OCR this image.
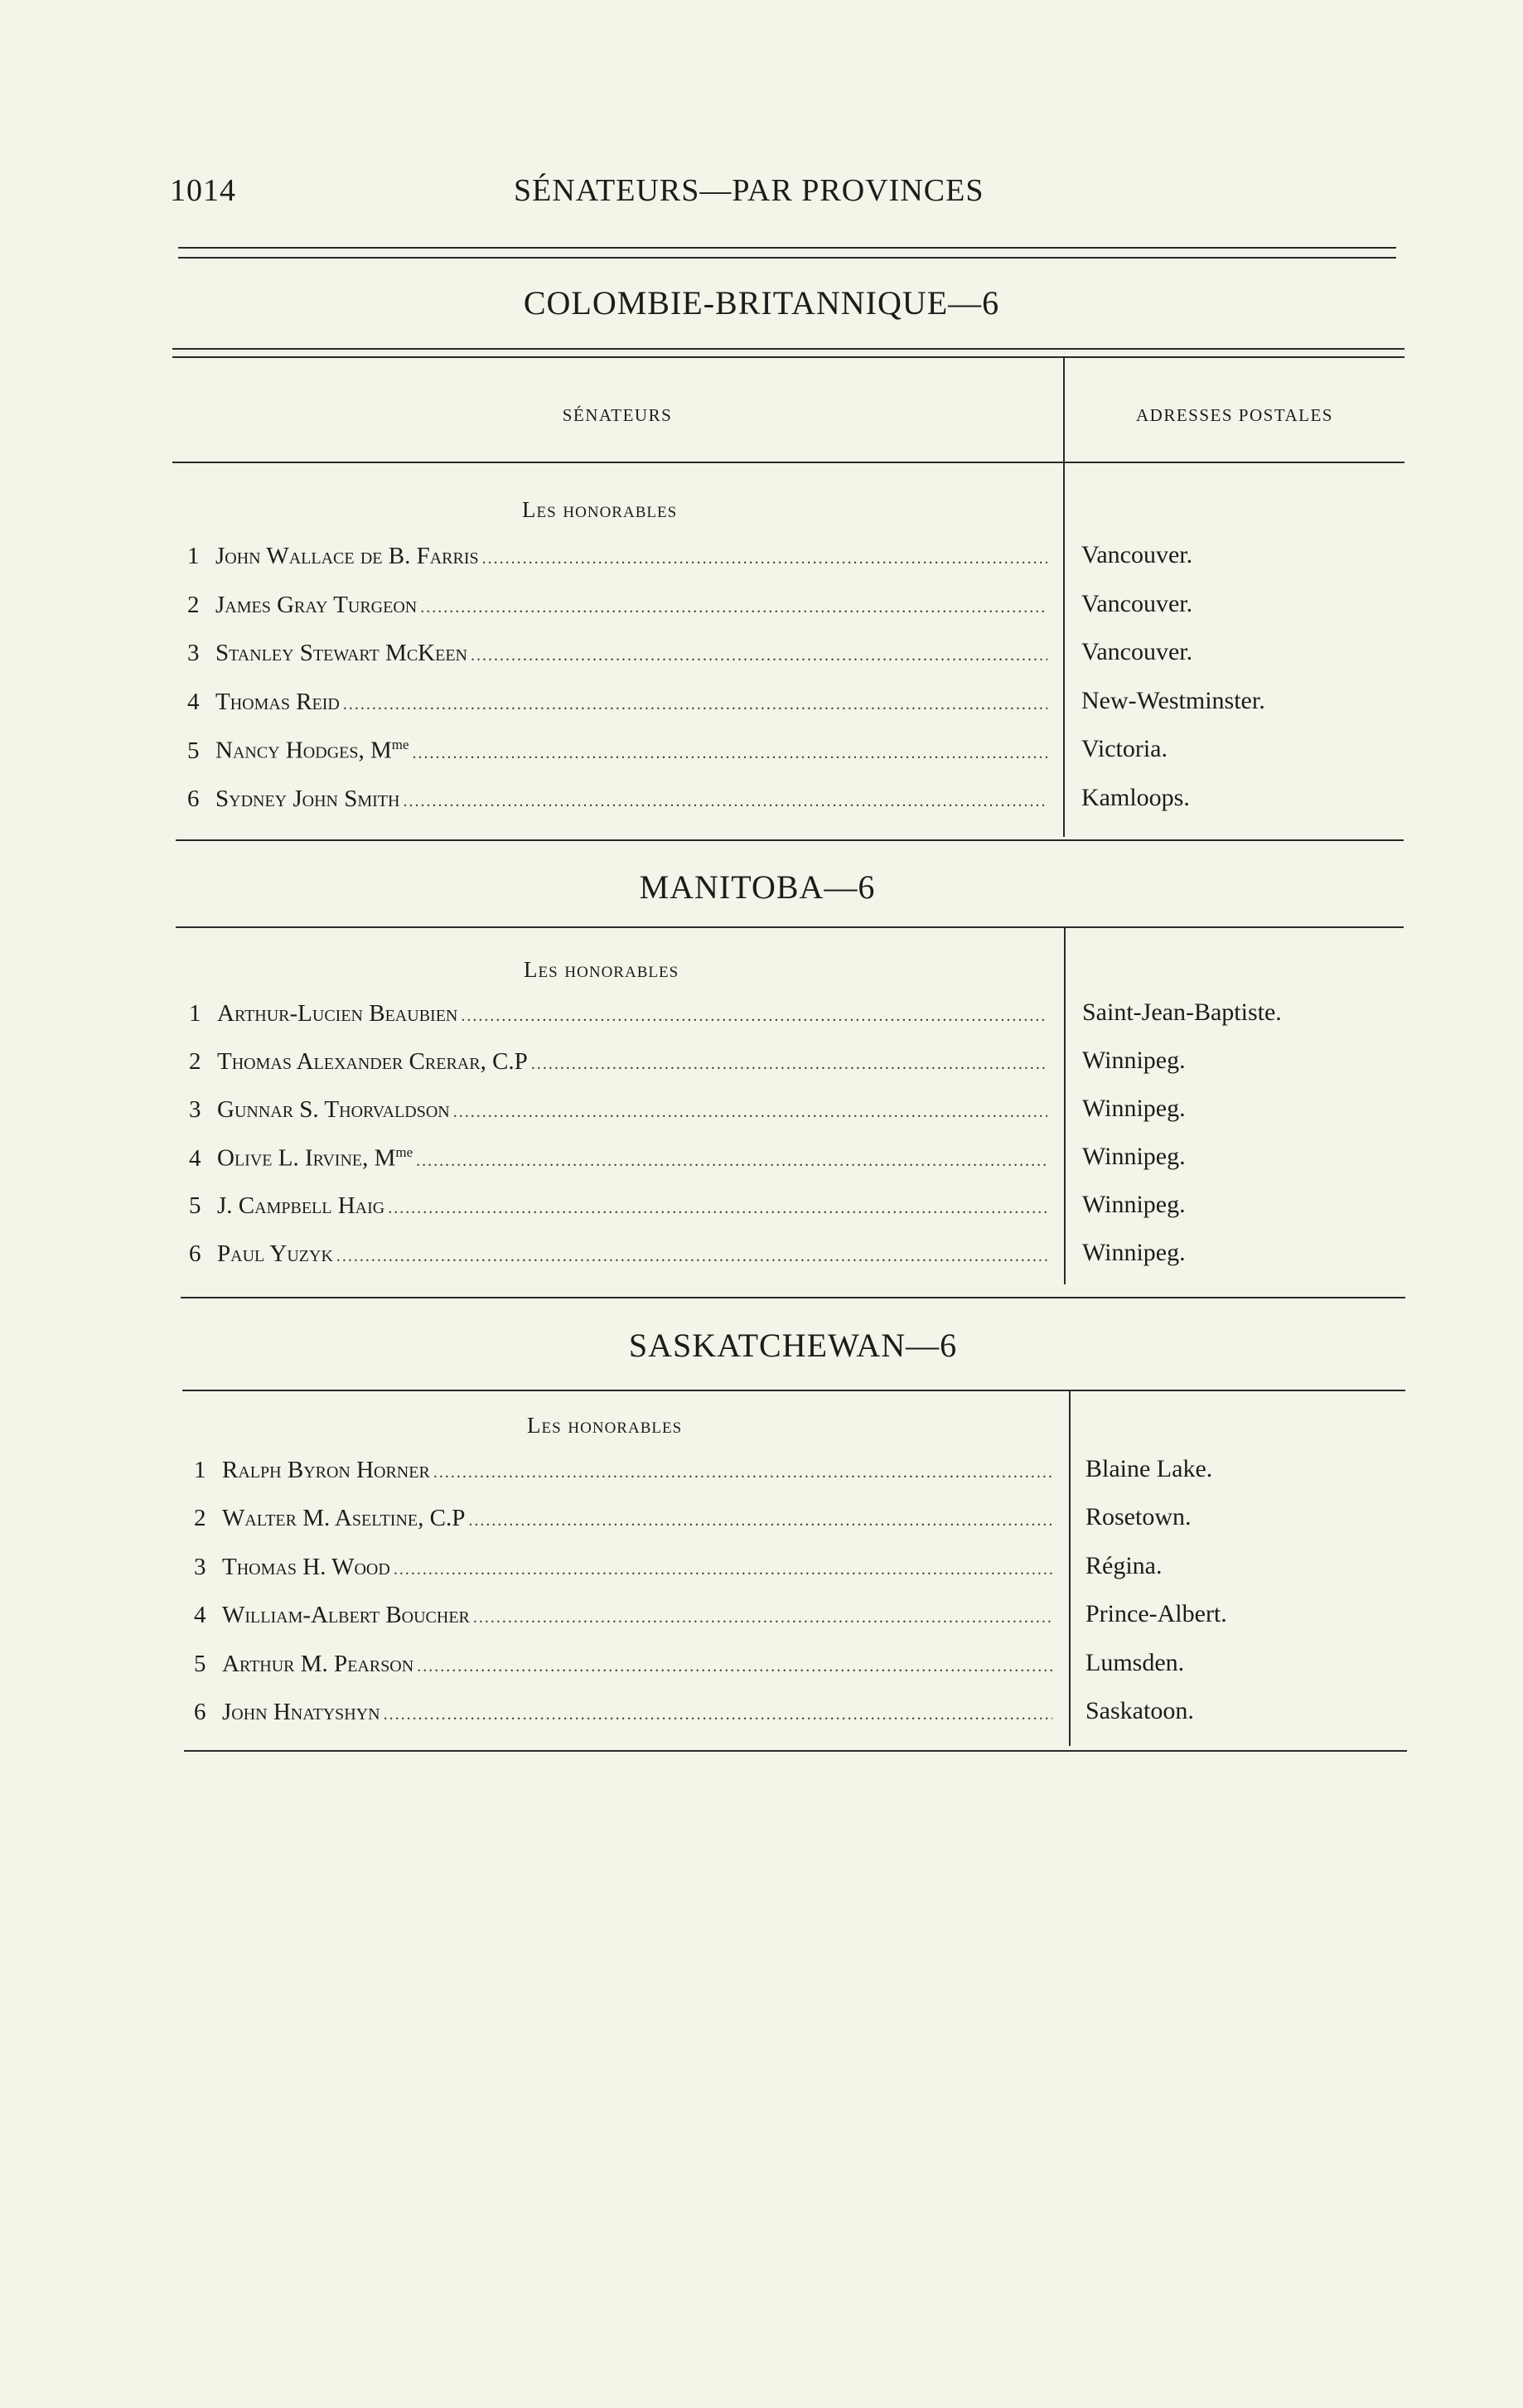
1014	SÉNATEURS—PAR PROVINCES
COLOMBIE-BRITANNIQUE—6
SÉNATEURS	ADRESSES POSTALES
Les honorables
1 John Wallace de B. Farris .....	Vancouver.
2 James Gray Turgeon .....	Vancouver.
3 Stanley Stewart McKeen .....	Vancouver.
4 Thomas Reid .....	New-Westminster.
5 Nancy Hodges, $M^{me}$ .....	Victoria.
6 Sydney John Smith .....	Kamloops.
MANITOBA—6
Les honorables
1 Arthur-Lucien Beaubien .....	Saint-Jean-Baptiste.
2 Thomas Alexander Crerar, C.P .....	Winnipeg.
3 Gunnar S. Thorvaldson .....	Winnipeg.
4 Olive L. Irvine, $M^{me}$ .....	Winnipeg.
5 J. Campbell Haig .....	Winnipeg.
6 Paul Yuzyk .....	Winnipeg.
SASKATCHEWAN—6
Les honorables
1 Ralph Byron Horner .....	Blaine Lake.
2 Walter M. Aseltine, C.P .....	Rosetown.
3 Thomas H. Wood .....	Régina.
4 William-Albert Boucher .....	Prince-Albert.
5 Arthur M. Pearson .....	Lumsden.
6 John Hnatyshyn .....	Saskatoon.
